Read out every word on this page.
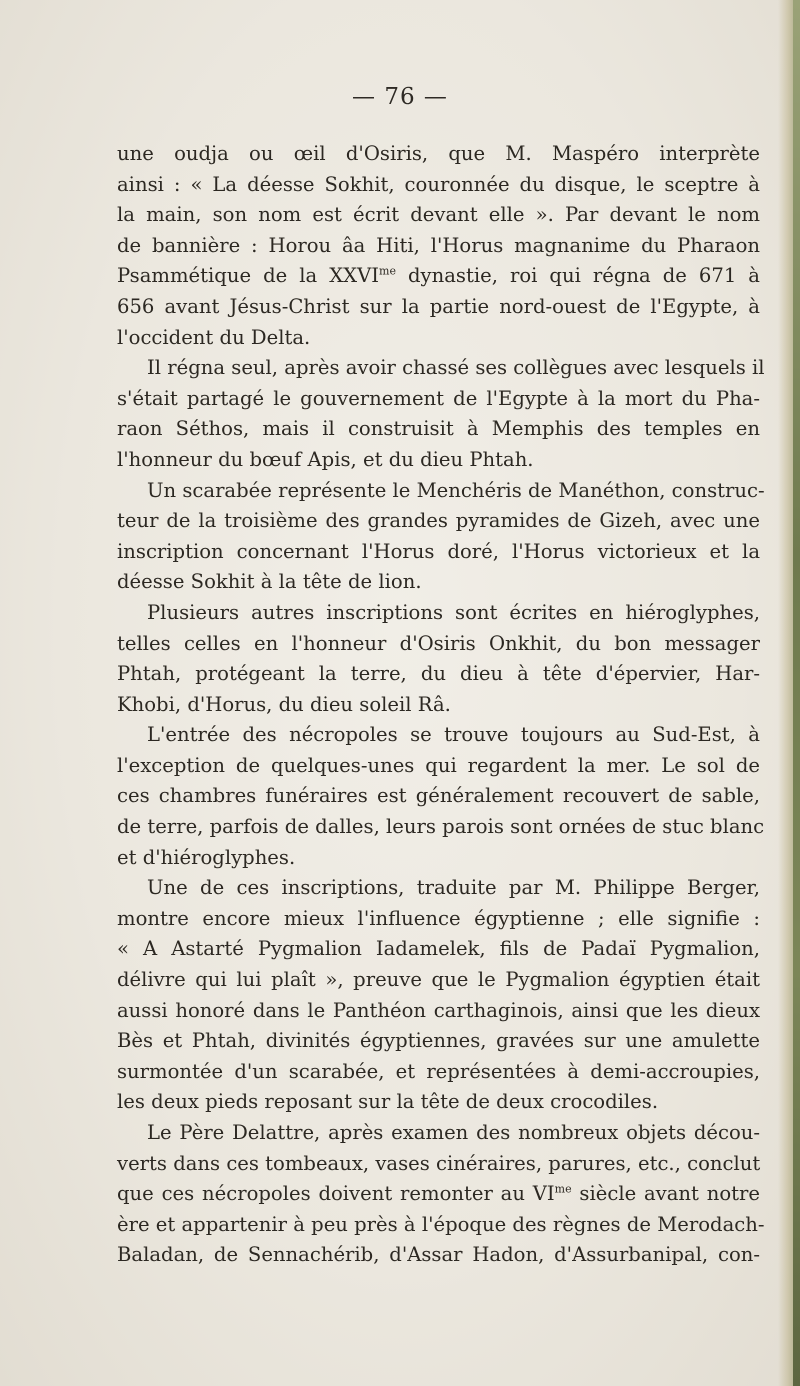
— 76 —
une oudja ou œil d'Osiris, que M. Maspéro interprète
ainsi : « La déesse Sokhit, couronnée du disque, le sceptre à
la main, son nom est écrit devant elle ». Par devant le nom
de bannière : Horou âa Hiti, l'Horus magnanime du Pharaon
Psammétique de la $XXVI^{me}$ dynastie, roi qui régna de 671 à
656 avant Jésus-Christ sur la partie nord-ouest de l'Egypte, à
l'occident du Delta.
Il régna seul, après avoir chassé ses collègues avec lesquels il
s'était partagé le gouvernement de l'Egypte à la mort du Pha-
raon Séthos, mais il construisit à Memphis des temples en
l'honneur du bœuf Apis, et du dieu Phtah.
Un scarabée représente le Menchéris de Manéthon, construc-
teur de la troisième des grandes pyramides de Gizeh, avec une
inscription concernant l'Horus doré, l'Horus victorieux et la
déesse Sokhit à la tête de lion.
Plusieurs autres inscriptions sont écrites en hiéroglyphes,
telles celles en l'honneur d'Osiris Onkhit, du bon messager
Phtah, protégeant la terre, du dieu à tête d'épervier, Har-
Khobi, d'Horus, du dieu soleil Râ.
L'entrée des nécropoles se trouve toujours au Sud-Est, à
l'exception de quelques-unes qui regardent la mer. Le sol de
ces chambres funéraires est généralement recouvert de sable,
de terre, parfois de dalles, leurs parois sont ornées de stuc blanc
et d'hiéroglyphes.
Une de ces inscriptions, traduite par M. Philippe Berger,
montre encore mieux l'influence égyptienne ; elle signifie :
« A Astarté Pygmalion Iadamelek, fils de Padaï Pygmalion,
délivre qui lui plaît », preuve que le Pygmalion égyptien était
aussi honoré dans le Panthéon carthaginois, ainsi que les dieux
Bès et Phtah, divinités égyptiennes, gravées sur une amulette
surmontée d'un scarabée, et représentées à demi-accroupies,
les deux pieds reposant sur la tête de deux crocodiles.
Le Père Delattre, après examen des nombreux objets décou-
verts dans ces tombeaux, vases cinéraires, parures, etc., conclut
que ces nécropoles doivent remonter au $VI^{me}$ siècle avant notre
ère et appartenir à peu près à l'époque des règnes de Merodach-
Baladan, de Sennachérib, d'Assar Hadon, d'Assurbanipal, con-
